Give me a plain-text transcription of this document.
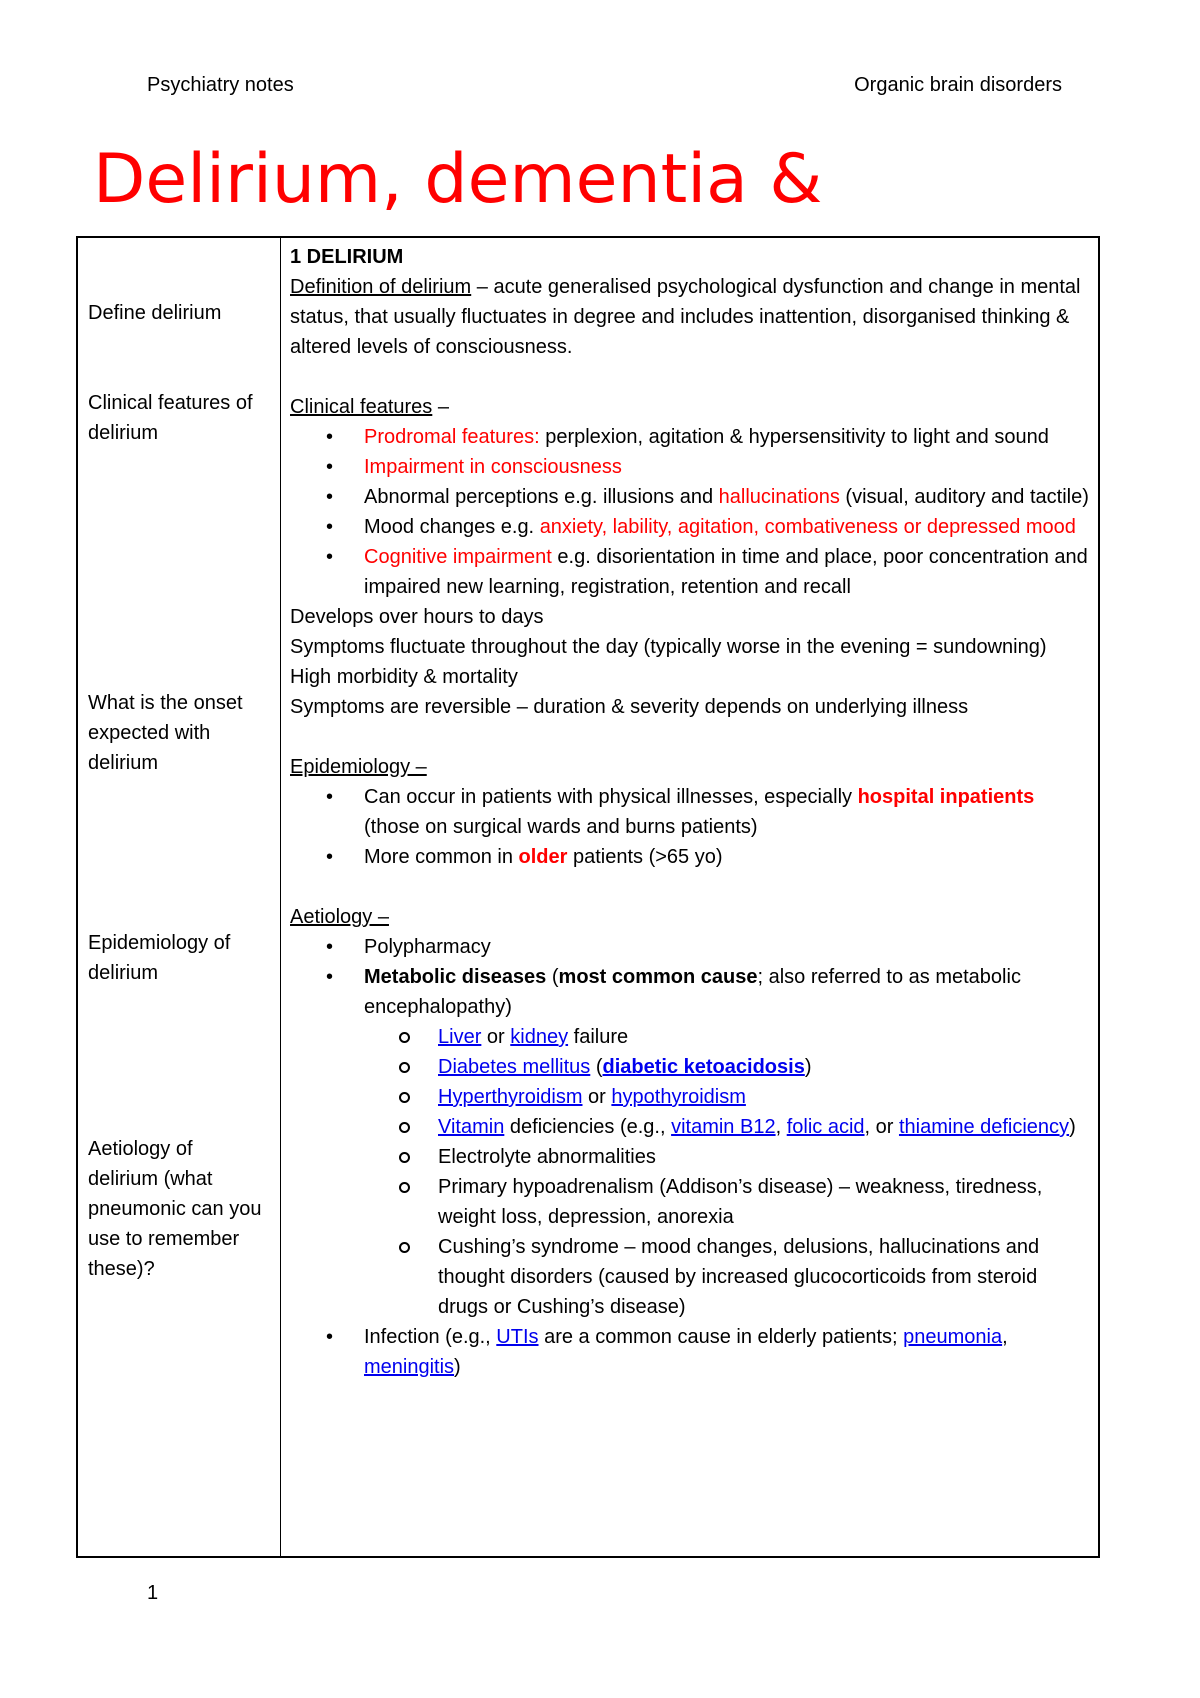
Psychiatry notes	Organic brain disorders
Delirium, dementia &
Define delirium
Clinical features of delirium
What is the onset expected with delirium
Epidemiology of delirium
Aetiology of delirium (what pneumonic can you use to remember these)?

1 DELIRIUM

Definition of delirium – acute generalised psychological dysfunction and change in mental status, that usually fluctuates in degree and includes inattention, disorganised thinking & altered levels of consciousness.

Clinical features –

• Prodromal features: perplexion, agitation & hypersensitivity to light and sound
• Impairment in consciousness
• Abnormal perceptions e.g. illusions and hallucinations (visual, auditory and tactile)
• Mood changes e.g. anxiety, lability, agitation, combativeness or depressed mood
• Cognitive impairment e.g. disorientation in time and place, poor concentration and impaired new learning, registration, retention and recall

Develops over hours to days

Symptoms fluctuate throughout the day (typically worse in the evening = sundowning)

High morbidity & mortality

Symptoms are reversible – duration & severity depends on underlying illness

Epidemiology –

• Can occur in patients with physical illnesses, especially hospital inpatients (those on surgical wards and burns patients)
• More common in older patients (>65 yo)

Aetiology –

• Polypharmacy
• Metabolic diseases (most common cause; also referred to as metabolic encephalopathy)
Liver or kidney failure
Diabetes mellitus (diabetic ketoacidosis)
Hyperthyroidism or hypothyroidism
Vitamin deficiencies (e.g., vitamin B12, folic acid, or thiamine deficiency)
Electrolyte abnormalities
Primary hypoadrenalism (Addison’s disease) – weakness, tiredness, weight loss, depression, anorexia
Cushing’s syndrome – mood changes, delusions, hallucinations and thought disorders (caused by increased glucocorticoids from steroid drugs or Cushing’s disease)
• Infection (e.g., UTIs are a common cause in elderly patients; pneumonia, meningitis)
1
